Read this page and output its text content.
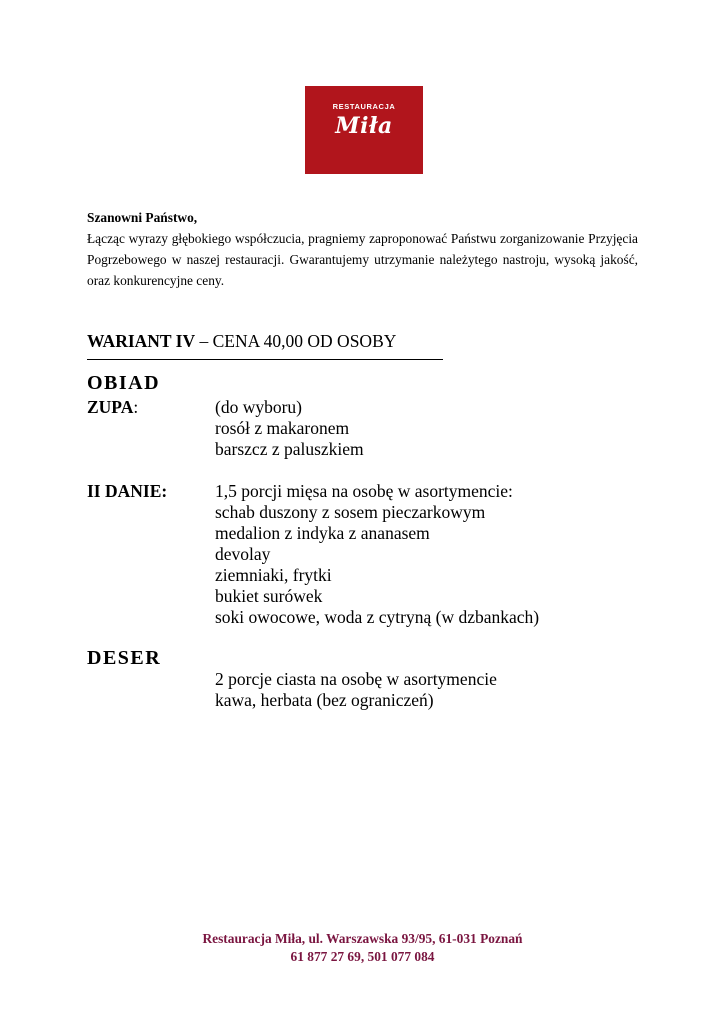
RESTAURACJA
Miła

Szanowni Państwo,

Łącząc wyrazy głębokiego współczucia, pragniemy zaproponować Państwu zorganizowanie Przyjęcia Pogrzebowego w naszej restauracji. Gwarantujemy utrzymanie należytego nastroju, wysoką jakość, oraz konkurencyjne ceny.

WARIANT IV – CENA 40,00 OD OSOBY
OBIAD
ZUPA:	(do wyboru)
rosół z makaronem
barszcz z paluszkiem
II DANIE:	1,5 porcji mięsa na osobę w asortymencie:
schab duszony z sosem pieczarkowym
medalion z indyka z ananasem
devolay
ziemniaki, frytki
bukiet surówek
soki owocowe, woda z cytryną (w dzbankach)
DESER
2 porcje ciasta na osobę w asortymencie
kawa, herbata (bez ograniczeń)
Restauracja Miła, ul. Warszawska 93/95, 61-031 Poznań
61 877 27 69, 501 077 084
